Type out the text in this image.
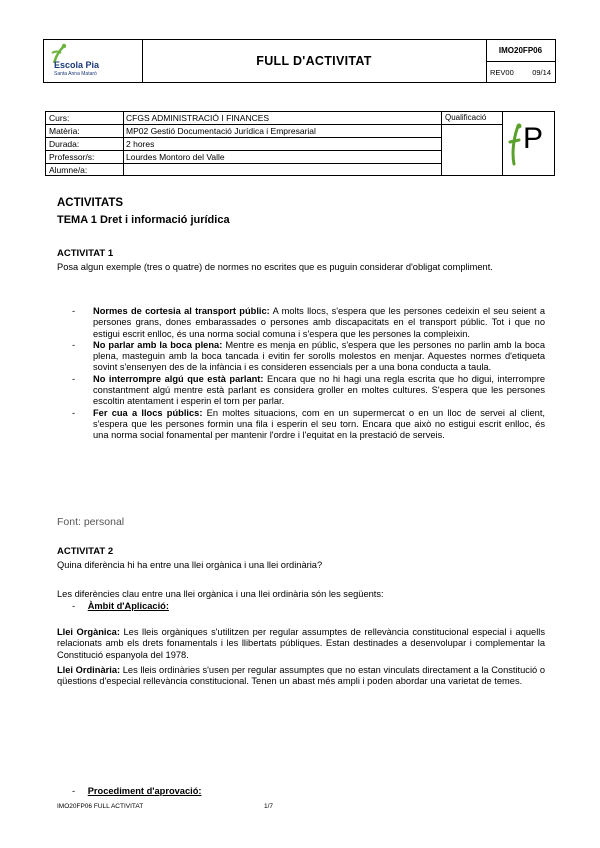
Escola Pia
Santa Anna Mataró
FULL D'ACTIVITAT
IMO20FP06
REV00 09/14
Curs:	CFGS ADMINISTRACIÓ I FINANCES
Matèria:	MP02 Gestió Documentació Jurídica i Empresarial
Durada:	2 hores
Professor/s:	Lourdes Montoro del Valle
Alumne/a:
Qualificació
P
ACTIVITATS
TEMA 1 Dret i informació jurídica
ACTIVITAT 1
Posa algun exemple (tres o quatre) de normes no escrites que es puguin considerar d'obligat compliment.
- Normes de cortesia al transport públic: A molts llocs, s'espera que les persones cedeixin el seu seient a persones grans, dones embarassades o persones amb discapacitats en el transport públic. Tot i que no estigui escrit enlloc, és una norma social comuna i s'espera que les persones la compleixin.
- No parlar amb la boca plena: Mentre es menja en públic, s'espera que les persones no parlin amb la boca plena, masteguin amb la boca tancada i evitin fer sorolls molestos en menjar. Aquestes normes d'etiqueta sovint s'ensenyen des de la infància i es consideren essencials per a una bona conducta a taula.
- No interrompre algú que està parlant: Encara que no hi hagi una regla escrita que ho digui, interrompre constantment algú mentre està parlant es considera groller en moltes cultures. S'espera que les persones escoltin atentament i esperin el torn per parlar.
- Fer cua a llocs públics: En moltes situacions, com en un supermercat o en un lloc de servei al client, s'espera que les persones formin una fila i esperin el seu torn. Encara que això no estigui escrit enlloc, és una norma social fonamental per mantenir l'ordre i l'equitat en la prestació de serveis.
Font: personal
ACTIVITAT 2
Quina diferència hi ha entre una llei orgànica i una llei ordinària?
Les diferències clau entre una llei orgànica i una llei ordinària són les següents:
- Àmbit d'Aplicació:
Llei Orgànica: Les lleis orgàniques s'utilitzen per regular assumptes de rellevància constitucional especial i aquells relacionats amb els drets fonamentals i les llibertats públiques. Estan destinades a desenvolupar i complementar la Constitució espanyola del 1978.
Llei Ordinària: Les lleis ordinàries s'usen per regular assumptes que no estan vinculats directament a la Constitució o qüestions d'especial rellevància constitucional. Tenen un abast més ampli i poden abordar una varietat de temes.
- Procediment d'aprovació:
IMO20FP06 FULL ACTIVITAT	1/7
